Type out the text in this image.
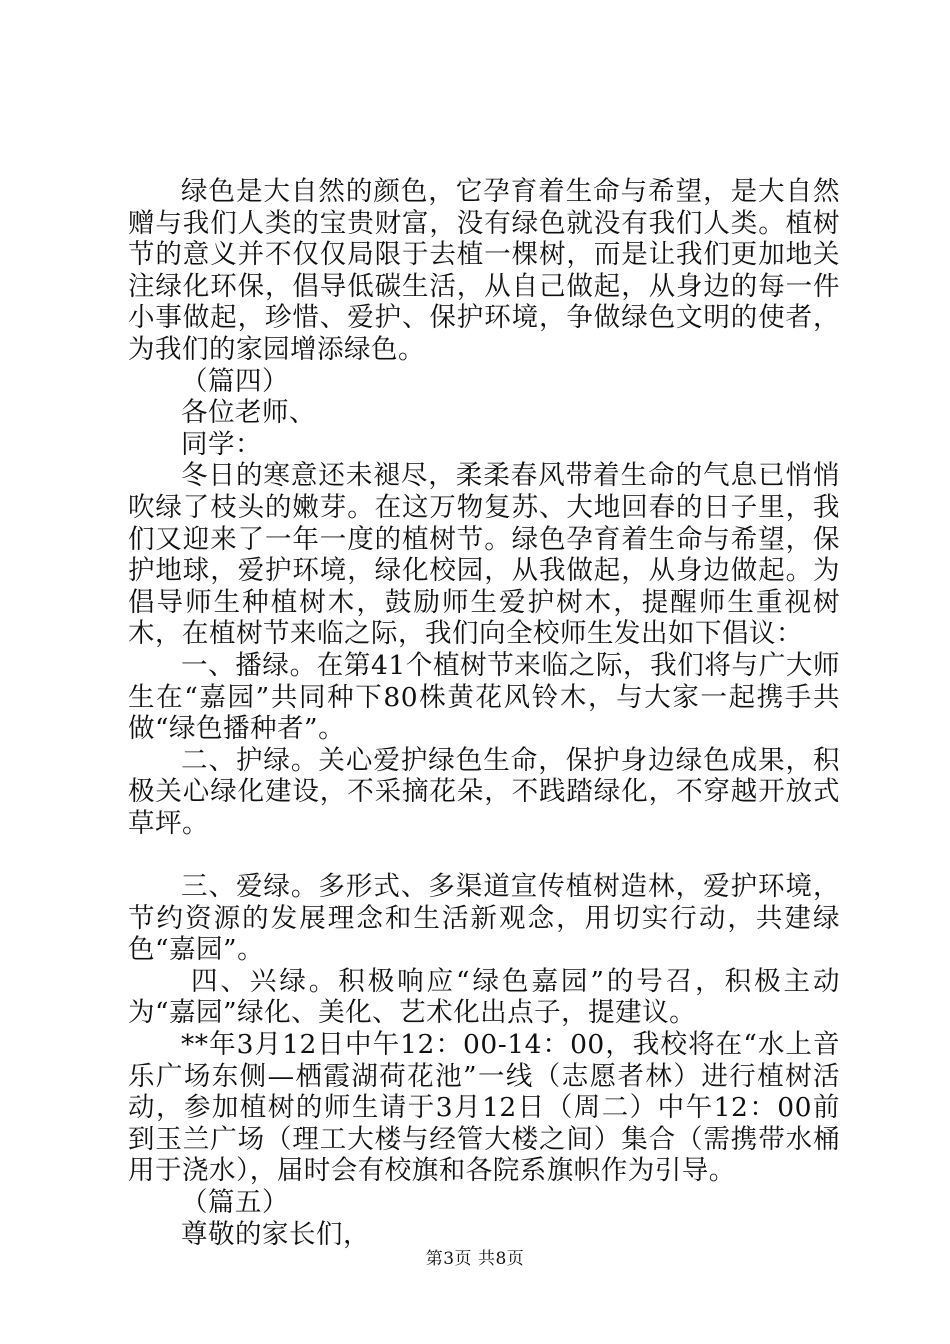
绿色是大自然的颜色，它孕育着生命与希望，是大自然赠与我们人类的宝贵财富，没有绿色就没有我们人类。植树节的意义并不仅仅局限于去植一棵树，而是让我们更加地关注绿化环保，倡导低碳生活，从自己做起，从身边的每一件小事做起，珍惜、爱护、保护环境，争做绿色文明的使者，为我们的家园增添绿色。

（篇四）

各位老师、

同学：

冬日的寒意还未褪尽，柔柔春风带着生命的气息已悄悄吹绿了枝头的嫩芽。在这万物复苏、大地回春的日子里，我们又迎来了一年一度的植树节。绿色孕育着生命与希望，保护地球，爱护环境，绿化校园，从我做起，从身边做起。为倡导师生种植树木，鼓励师生爱护树木，提醒师生重视树木，在植树节来临之际，我们向全校师生发出如下倡议：

一、播绿。在第41个植树节来临之际，我们将与广大师生在“嘉园”共同种下80株黄花风铃木，与大家一起携手共做“绿色播种者”。

二、护绿。关心爱护绿色生命，保护身边绿色成果，积极关心绿化建设，不采摘花朵，不践踏绿化，不穿越开放式草坪。

三、爱绿。多形式、多渠道宣传植树造林，爱护环境，节约资源的发展理念和生活新观念，用切实行动，共建绿色“嘉园”。

四、兴绿。积极响应“绿色嘉园”的号召，积极主动为“嘉园”绿化、美化、艺术化出点子，提建议。

**年3月12日中午12：00-14：00，我校将在“水上音乐广场东侧—栖霞湖荷花池”一线（志愿者林）进行植树活动，参加植树的师生请于3月12日（周二）中午12：00前到玉兰广场（理工大楼与经管大楼之间）集合（需携带水桶用于浇水），届时会有校旗和各院系旗帜作为引导。

（篇五）

尊敬的家长们，

第3页 共8页
